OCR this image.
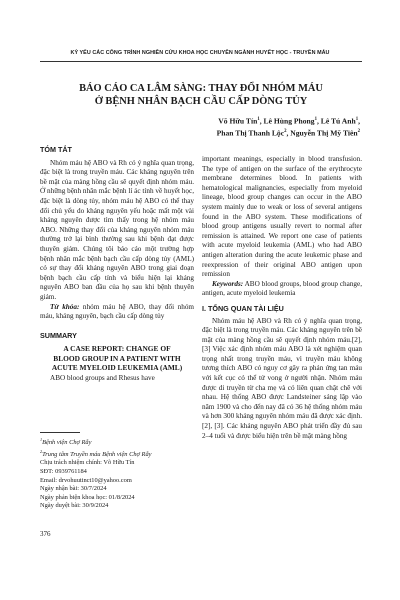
KỶ YẾU CÁC CÔNG TRÌNH NGHIÊN CỨU KHOA HỌC CHUYÊN NGÀNH HUYẾT HỌC - TRUYỀN MÁU
BÁO CÁO CA LÂM SÀNG: THAY ĐỔI NHÓM MÁU
Ở BỆNH NHÂN BẠCH CẦU CẤP DÒNG TỦY
Võ Hữu Tín$^1$, Lê Hùng Phong$^1$, Lê Tú Anh$^1$,
Phan Thị Thanh Lộc$^2$, Nguyễn Thị Mỹ Tiên$^2$
TÓM TẮT

Nhóm máu hệ ABO và Rh có ý nghĩa quan trọng, đặc biệt là trong truyền máu. Các kháng nguyên trên bề mặt của màng hồng cầu sẽ quyết định nhóm máu. Ở những bệnh nhân mắc bệnh lí ác tính về huyết học, đặc biệt là dòng tủy, nhóm máu hệ ABO có thể thay đổi chủ yếu do kháng nguyên yếu hoặc mất một vài kháng nguyên được tìm thấy trong hệ nhóm máu ABO. Những thay đổi của kháng nguyên nhóm máu thường trở lại bình thường sau khi bệnh đạt được thuyên giảm. Chúng tôi báo cáo một trường hợp bệnh nhân mắc bệnh bạch cầu cấp dòng tủy (AML) có sự thay đổi kháng nguyên ABO trong giai đoạn bệnh bạch cầu cấp tính và biểu hiện lại kháng nguyên ABO ban đầu của họ sau khi bệnh thuyên giảm.

Từ khóa: nhóm máu hệ ABO, thay đổi nhóm máu, kháng nguyên, bạch cầu cấp dòng tủy

SUMMARY
A CASE REPORT: CHANGE OF
BLOOD GROUP IN A PATIENT WITH
ACUTE MYELOID LEUKEMIA (AML)

ABO blood groups and Rhesus have

$^1$Bệnh viện Chợ Rẫy
$^2$Trung tâm Truyền máu Bệnh viện Chợ Rẫy
Chịu trách nhiệm chính: Võ Hữu Tín
SĐT: 0939761184
Email: drvohuutinct10@yahoo.com
Ngày nhận bài: 30/7/2024
Ngày phản biện khoa học: 01/8/2024
Ngày duyệt bài: 30/9/2024
376

important meanings, especially in blood transfusion. The type of antigen on the surface of the erythrocyte membrane determines blood. In patients with hematological malignancies, especially from myeloid lineage, blood group changes can occur in the ABO system mainly due to weak or loss of several antigens found in the ABO system. These modifications of blood group antigens usually revert to normal after remission is attained. We report one case of patients with acute myeloid leukemia (AML) who had ABO antigen alteration during the acute leukemic phase and reexpression of their original ABO antigen upon remission

Keywords: ABO blood groups, blood group change, antigen, acute myeloid leukemia

I. TỔNG QUAN TÀI LIỆU

Nhóm máu hệ ABO và Rh có ý nghĩa quan trọng, đặc biệt là trong truyền máu. Các kháng nguyên trên bề mặt của màng hồng cầu sẽ quyết định nhóm máu.[2], [3] Việc xác định nhóm máu ABO là xét nghiệm quan trọng nhất trong truyền máu, vì truyền máu không tương thích ABO có nguy cơ gây ra phản ứng tan máu với kết cục có thể tử vong ở người nhận. Nhóm máu được di truyền từ cha mẹ và có liên quan chặt chẽ với nhau. Hệ thống ABO được Landsteiner sáng lập vào năm 1900 và cho đến nay đã có 36 hệ thống nhóm máu và hơn 300 kháng nguyên nhóm máu đã được xác định. [2], [3]. Các kháng nguyên ABO phát triển đầy đủ sau 2–4 tuổi và được biểu hiện trên bề mặt màng hồng
